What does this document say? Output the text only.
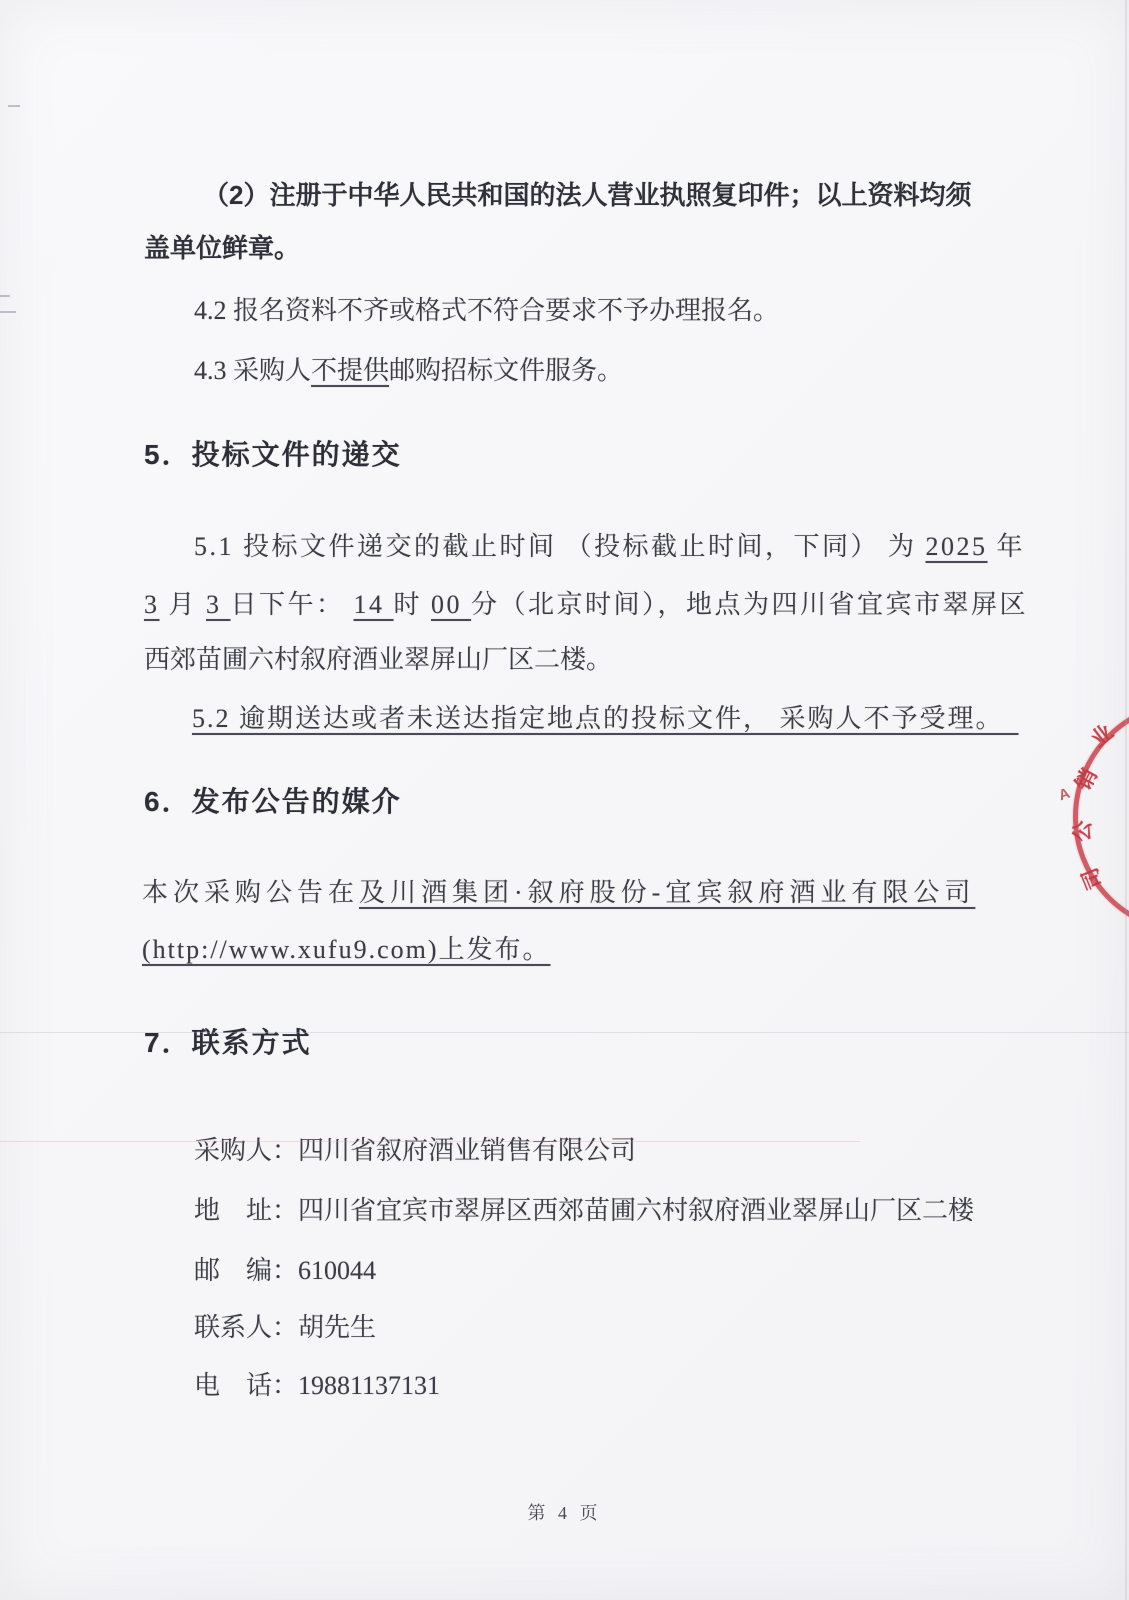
（2）注册于中华人民共和国的法人营业执照复印件；以上资料均须
盖单位鲜章。
4.2 报名资料不齐或格式不符合要求不予办理报名。
4.3 采购人不提供邮购招标文件服务。
5．投标文件的递交
5.1 投标文件递交的截止时间 （投标截止时间，下同） 为 2025 年
3 月 3 日下午： 14 时 00 分（北京时间），地点为四川省宜宾市翠屏区
西郊苗圃六村叙府酒业翠屏山厂区二楼。
5.2 逾期送达或者未送达指定地点的投标文件， 采购人不予受理。　
6．发布公告的媒介
本次采购公告在及川酒集团·叙府股份-宜宾叙府酒业有限公司
(http://www.xufu9.com)上发布。
7．联系方式
采购人：四川省叙府酒业销售有限公司
地　址：四川省宜宾市翠屏区西郊苗圃六村叙府酒业翠屏山厂区二楼
邮　编：610044
联系人：胡先生
电　话：19881137131
第 4 页
业
销
公
司
A
